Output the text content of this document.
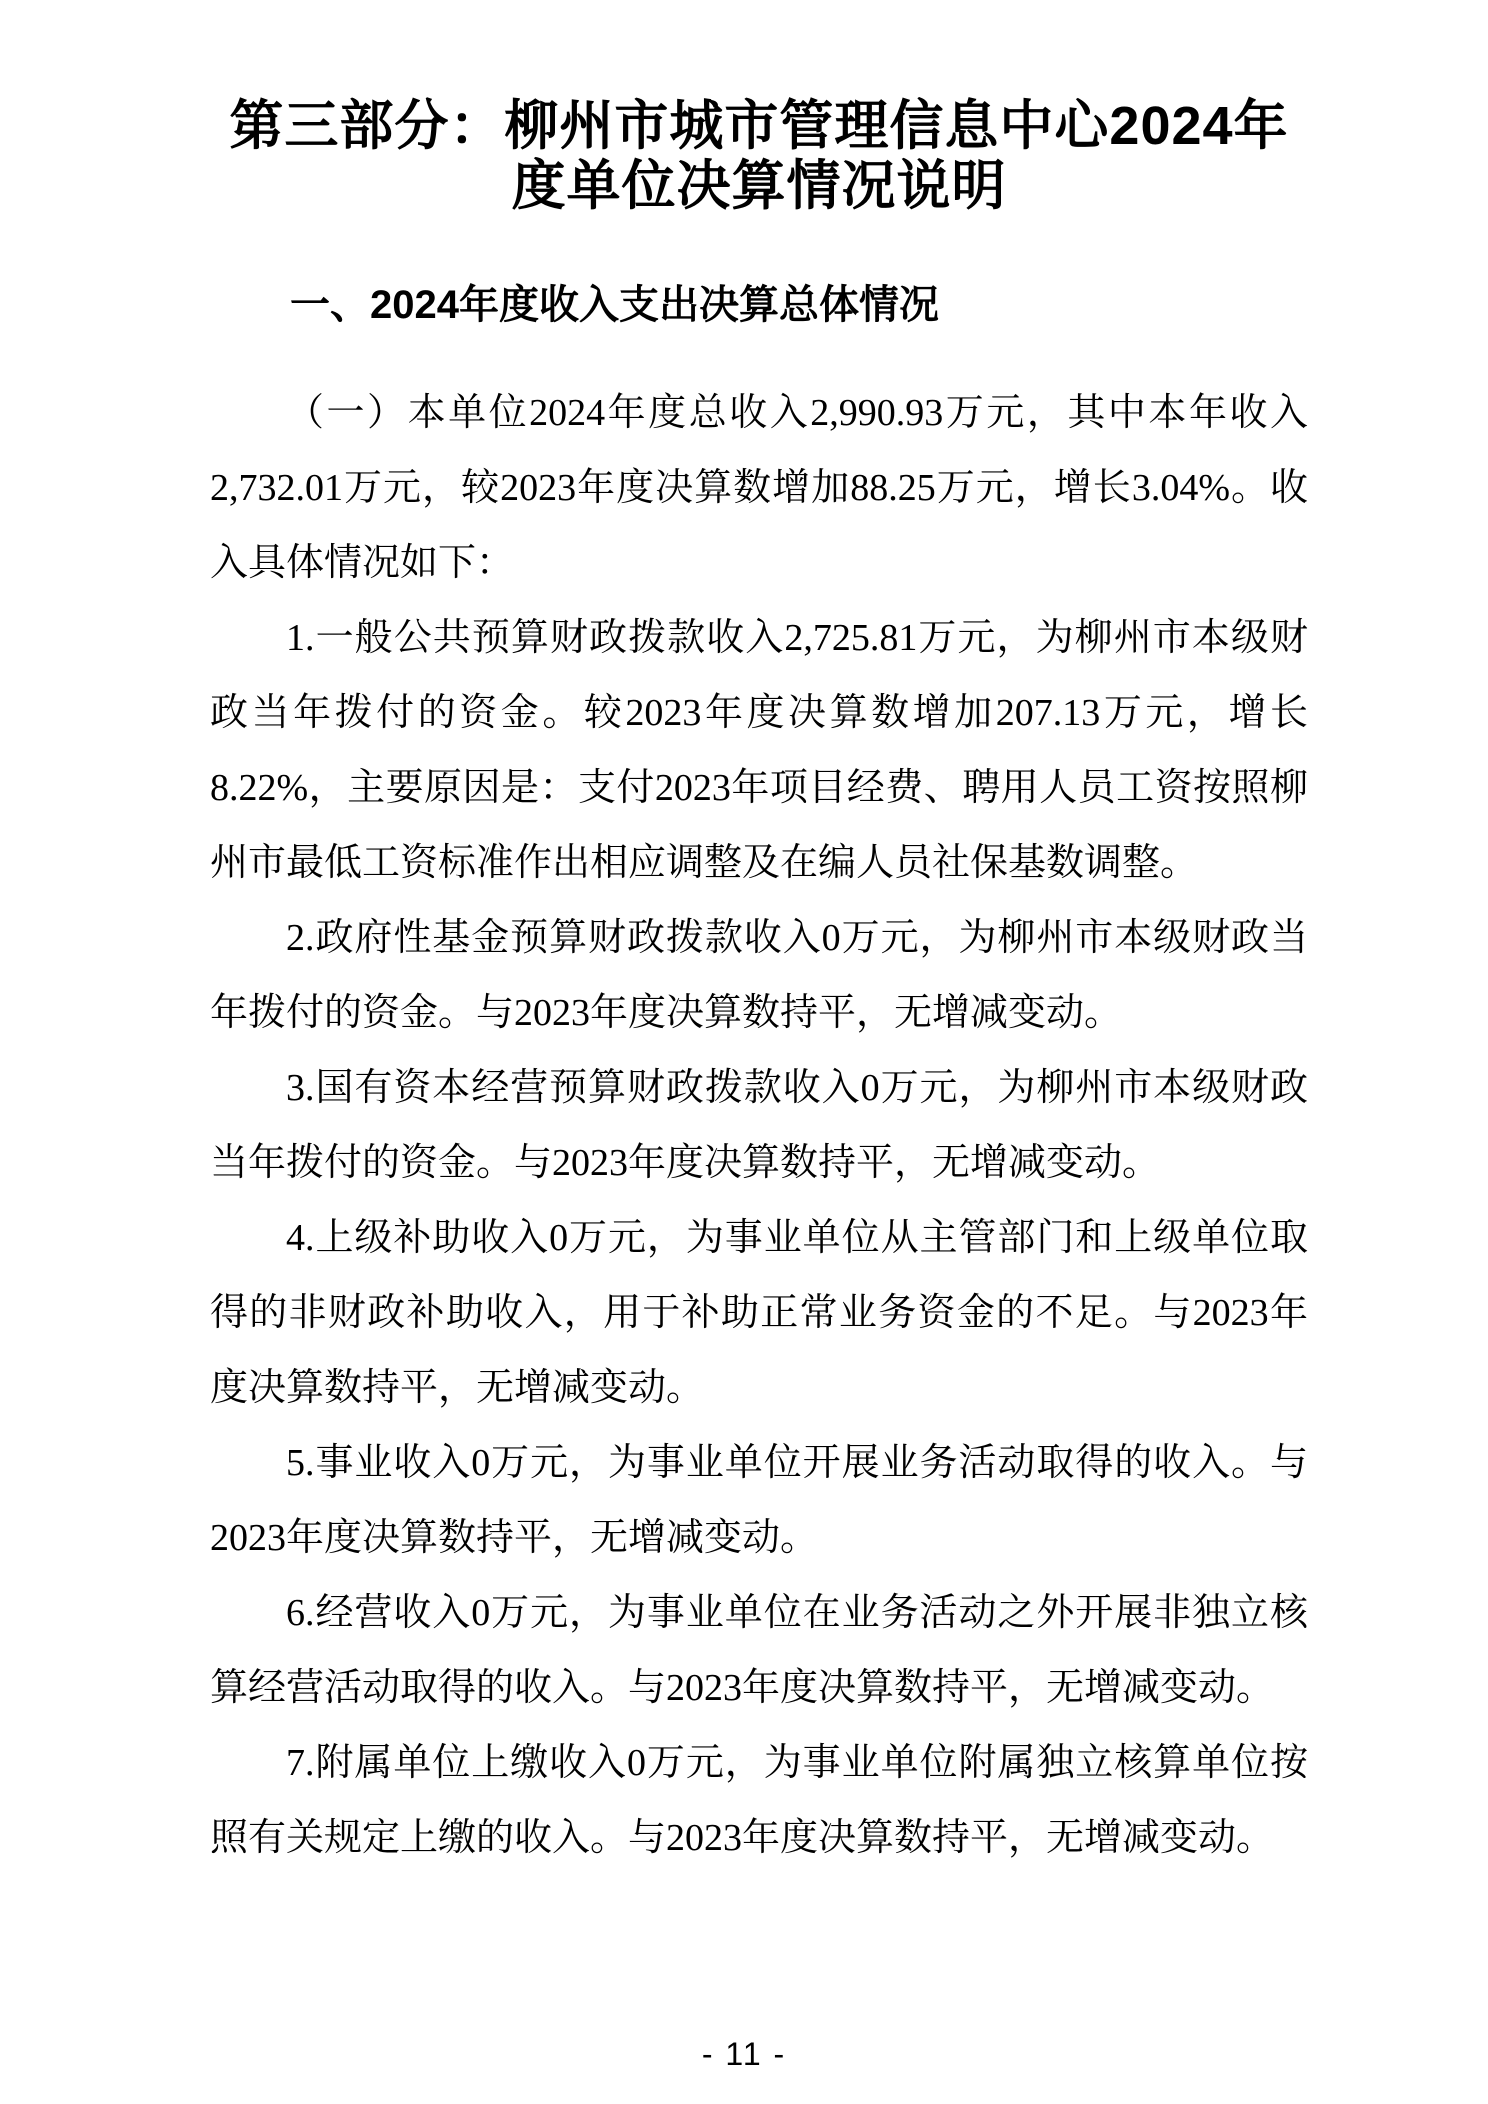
第三部分：柳州市城市管理信息中心2024年
度单位决算情况说明
一、2024年度收入支出决算总体情况

（一）本单位2024年度总收入2,990.93万元，其中本年收入2,732.01万元，较2023年度决算数增加88.25万元，增长3.04%。收入具体情况如下：

1.一般公共预算财政拨款收入2,725.81万元，为柳州市本级财政当年拨付的资金。较2023年度决算数增加207.13万元，增长8.22%，主要原因是：支付2023年项目经费、聘用人员工资按照柳州市最低工资标准作出相应调整及在编人员社保基数调整。

2.政府性基金预算财政拨款收入0万元，为柳州市本级财政当年拨付的资金。与2023年度决算数持平，无增减变动。

3.国有资本经营预算财政拨款收入0万元，为柳州市本级财政当年拨付的资金。与2023年度决算数持平，无增减变动。

4.上级补助收入0万元，为事业单位从主管部门和上级单位取得的非财政补助收入，用于补助正常业务资金的不足。与2023年度决算数持平，无增减变动。

5.事业收入0万元，为事业单位开展业务活动取得的收入。与2023年度决算数持平，无增减变动。

6.经营收入0万元，为事业单位在业务活动之外开展非独立核算经营活动取得的收入。与2023年度决算数持平，无增减变动。

7.附属单位上缴收入0万元，为事业单位附属独立核算单位按照有关规定上缴的收入。与2023年度决算数持平，无增减变动。

- 11 -
